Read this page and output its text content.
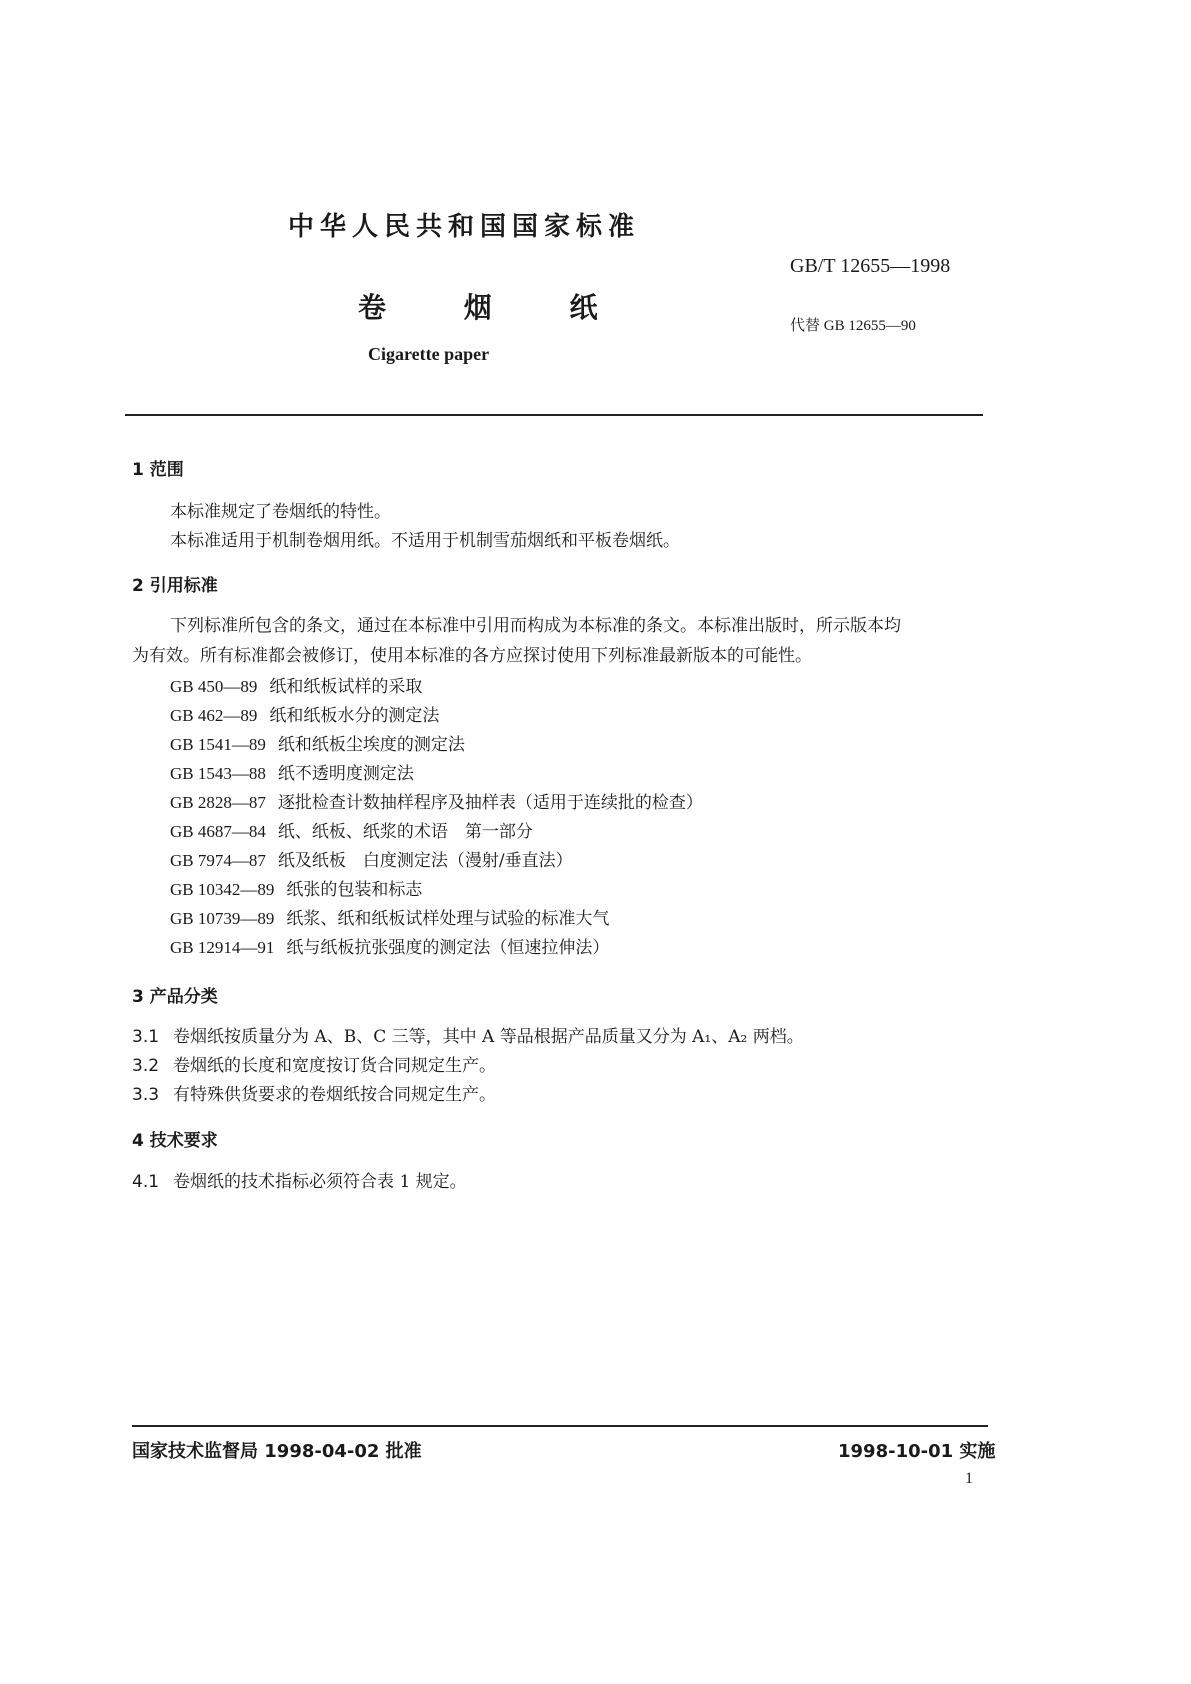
中华人民共和国国家标准
GB/T 12655—1998
卷 烟 纸
代替 GB 12655—90
Cigarette paper
1 范围
本标准规定了卷烟纸的特性。
本标准适用于机制卷烟用纸。不适用于机制雪茄烟纸和平板卷烟纸。
2 引用标准
下列标准所包含的条文，通过在本标准中引用而构成为本标准的条文。本标准出版时，所示版本均
为有效。所有标准都会被修订，使用本标准的各方应探讨使用下列标准最新版本的可能性。
GB 450—89 纸和纸板试样的采取
GB 462—89 纸和纸板水分的测定法
GB 1541—89 纸和纸板尘埃度的测定法
GB 1543—88 纸不透明度测定法
GB 2828—87 逐批检查计数抽样程序及抽样表（适用于连续批的检查）
GB 4687—84 纸、纸板、纸浆的术语　第一部分
GB 7974—87 纸及纸板　白度测定法（漫射/垂直法）
GB 10342—89 纸张的包装和标志
GB 10739—89 纸浆、纸和纸板试样处理与试验的标准大气
GB 12914—91 纸与纸板抗张强度的测定法（恒速拉伸法）
3 产品分类
3.1 卷烟纸按质量分为 A、B、C 三等，其中 A 等品根据产品质量又分为 A₁、A₂ 两档。
3.2 卷烟纸的长度和宽度按订货合同规定生产。
3.3 有特殊供货要求的卷烟纸按合同规定生产。
4 技术要求
4.1 卷烟纸的技术指标必须符合表 1 规定。
国家技术监督局 1998-04-02 批准	1998-10-01 实施
1
